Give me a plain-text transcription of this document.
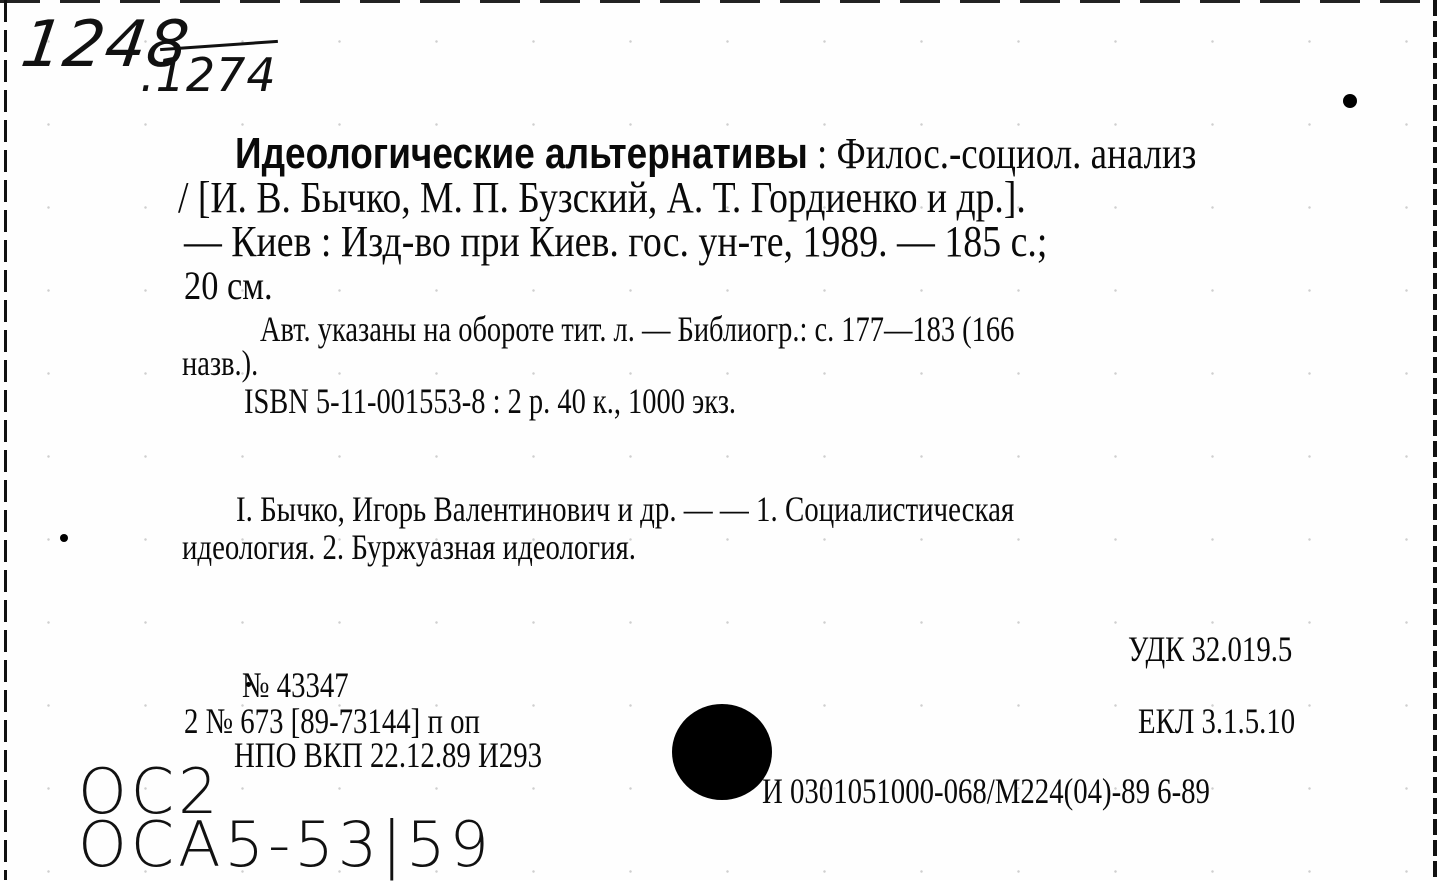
1248
.1274
Идеологические альтернативы : Филос.-социол. анализ
/ [И. В. Бычко, М. П. Бузский, А. Т. Гордиенко и др.].
— Киев : Изд-во при Киев. гос. ун-те, 1989. — 185 с.;
20 см.
Авт. указаны на обороте тит. л. — Библиогр.: с. 177—183 (166
назв.).
ISBN 5-11-001553-8 : 2 р. 40 к., 1000 экз.
I. Бычко, Игорь Валентинович и др. — — 1. Социалистическая
идеология. 2. Буржуазная идеология.
УДК 32.019.5
№ 43347
ЕКЛ 3.1.5.10
2 № 673 [89-73144] п оп
НПО ВКП 22.12.89 И293
И 0301051000-068/М224(04)-89 6-89
ОС2
ОСА5-53|59
